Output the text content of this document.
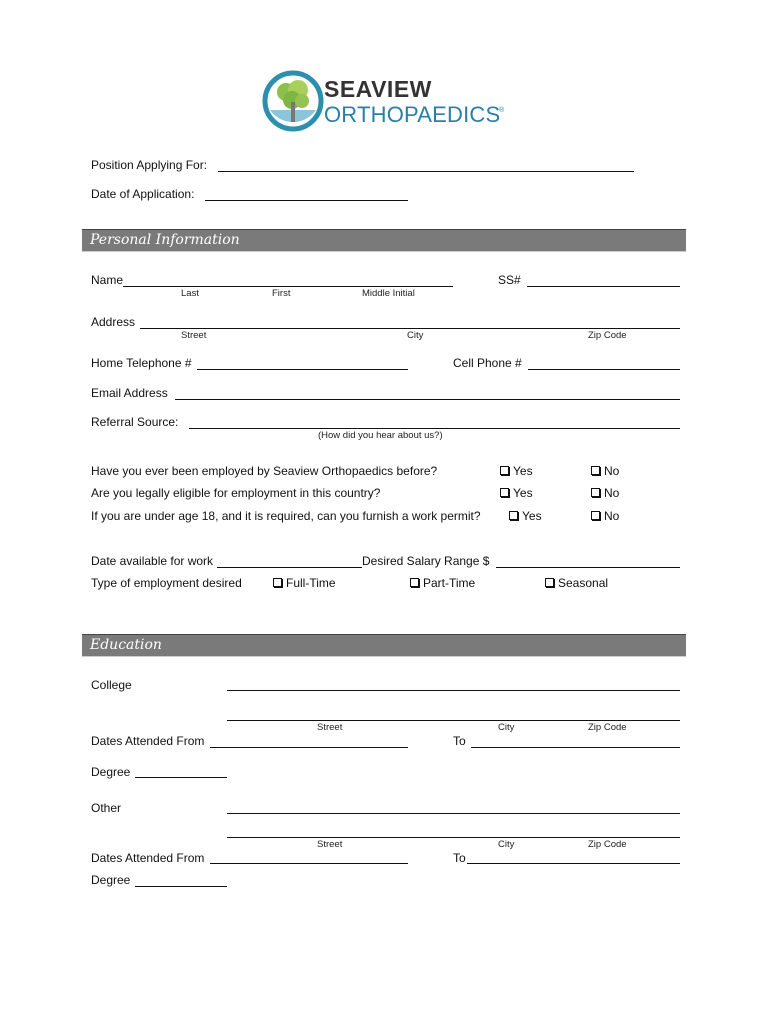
SEAVIEW
ORTHOPAEDICS
®
Position Applying For:
Date of Application:
Personal Information
Name
Last	First	Middle Initial
SS#
Address
Street	City	Zip Code
Home Telephone #	Cell Phone #
Email Address
Referral Source:
(How did you hear about us?)
Have you ever been employed by Seaview Orthopaedics before?	Yes	No
Are you legally eligible for employment in this country?	Yes	No
If you are under age 18, and it is required, can you furnish a work permit?	Yes	No
Date available for work	Desired Salary Range $
Type of employment desired	Full-Time	Part-Time	Seasonal
Education
College
Street	City	Zip Code
Dates Attended From	To
Degree
Other
Street	City	Zip Code
Dates Attended From	To
Degree
